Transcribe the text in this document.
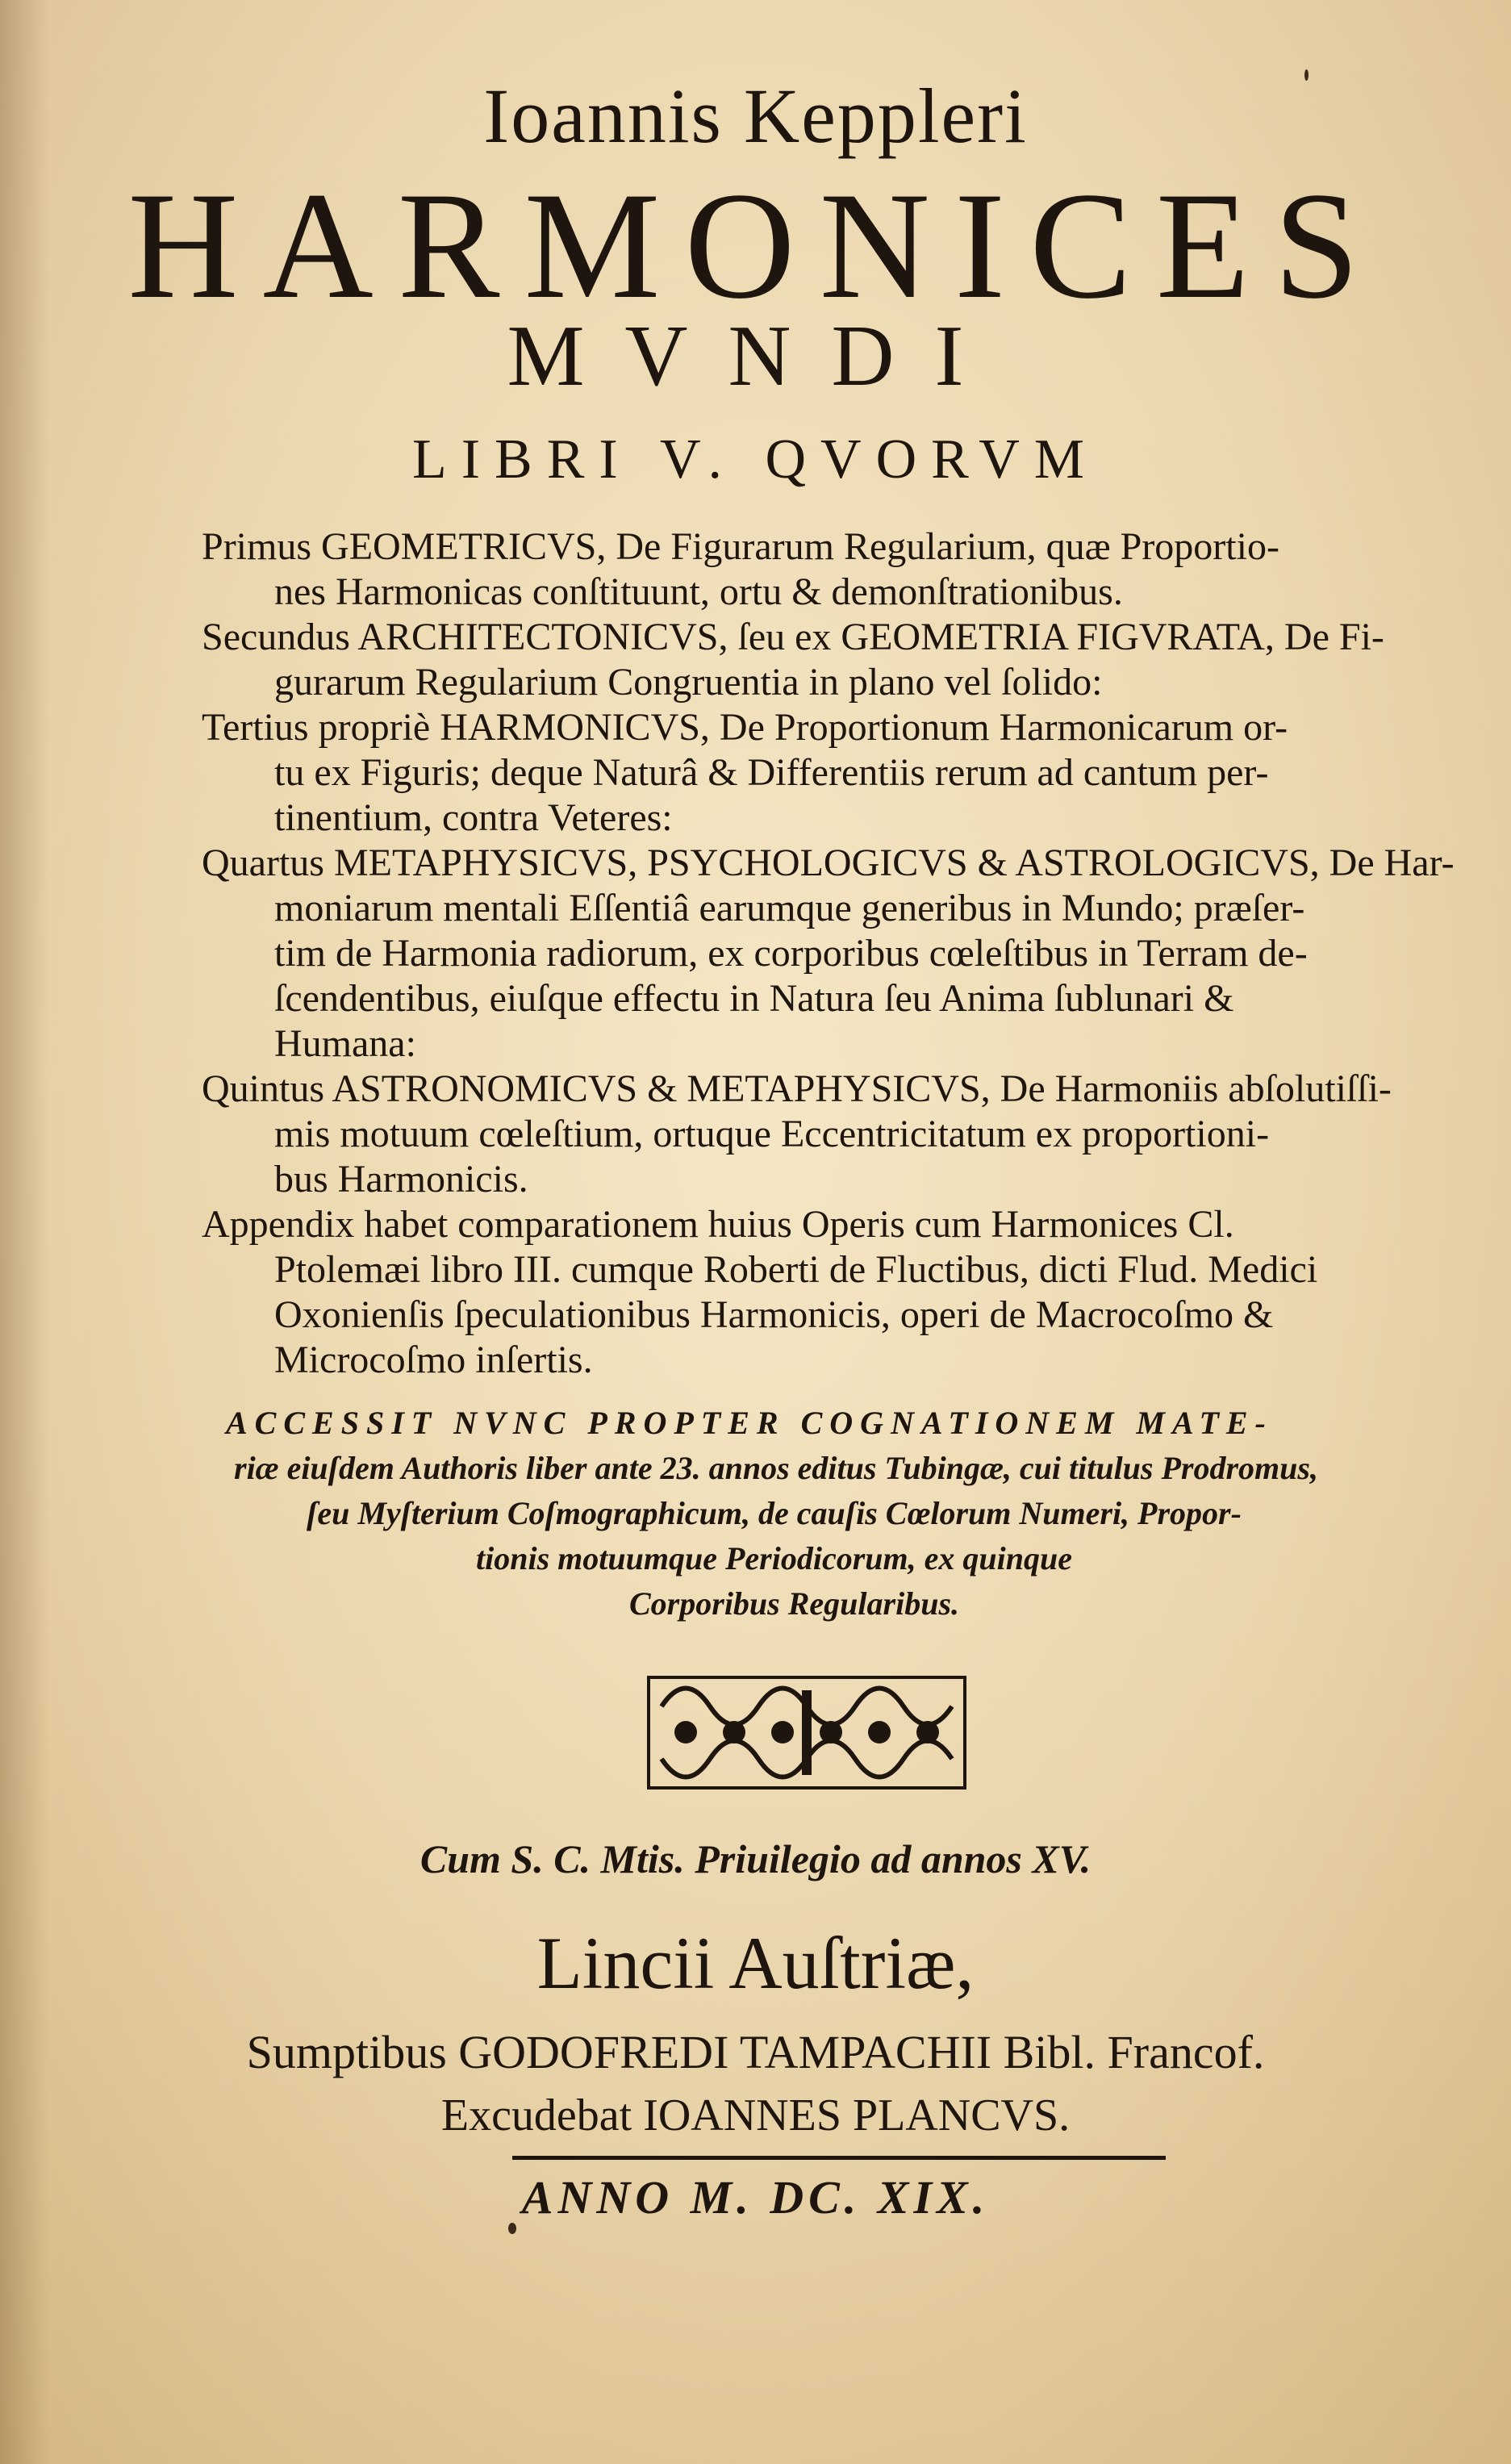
Ioannis Keppleri
HARMONICES
MVNDI
LIBRI V. QVORVM
Primus GEOMETRICVS, De Figurarum Regularium, quæ Proportio-
nes Harmonicas conſtituunt, ortu & demonſtrationibus.
Secundus ARCHITECTONICVS, ſeu ex GEOMETRIA FIGVRATA, De Fi-
gurarum Regularium Congruentia in plano vel ſolido:
Tertius propriè HARMONICVS, De Proportionum Harmonicarum or-
tu ex Figuris; deque Naturâ & Differentiis rerum ad cantum per-
tinentium, contra Veteres:
Quartus METAPHYSICVS, PSYCHOLOGICVS & ASTROLOGICVS, De Har-
moniarum mentali Eſſentiâ earumque generibus in Mundo; præſer-
tim de Harmonia radiorum, ex corporibus cœleſtibus in Terram de-
ſcendentibus, eiuſque effectu in Natura ſeu Anima ſublunari &
Humana:
Quintus ASTRONOMICVS & METAPHYSICVS, De Harmoniis abſolutiſſi-
mis motuum cœleſtium, ortuque Eccentricitatum ex proportioni-
bus Harmonicis.
Appendix habet comparationem huius Operis cum Harmonices Cl.
Ptolemæi libro III. cumque Roberti de Fluctibus, dicti Flud. Medici
Oxonienſis ſpeculationibus Harmonicis, operi de Macrocoſmo &
Microcoſmo inſertis.
ACCESSIT NVNC PROPTER COGNATIONEM MATE-
riæ eiuſdem Authoris liber ante 23. annos editus Tubingæ, cui titulus Prodromus,
ſeu Myſterium Coſmographicum, de cauſis Cœlorum Numeri, Propor-
tionis motuumque Periodicorum, ex quinque
Corporibus Regularibus.
Cum S. C. Mtis. Priuilegio ad annos XV.
Lincii Auſtriæ,
Sumptibus GODOFREDI TAMPACHII Bibl. Francof.
Excudebat IOANNES PLANCVS.
ANNO M. DC. XIX.
